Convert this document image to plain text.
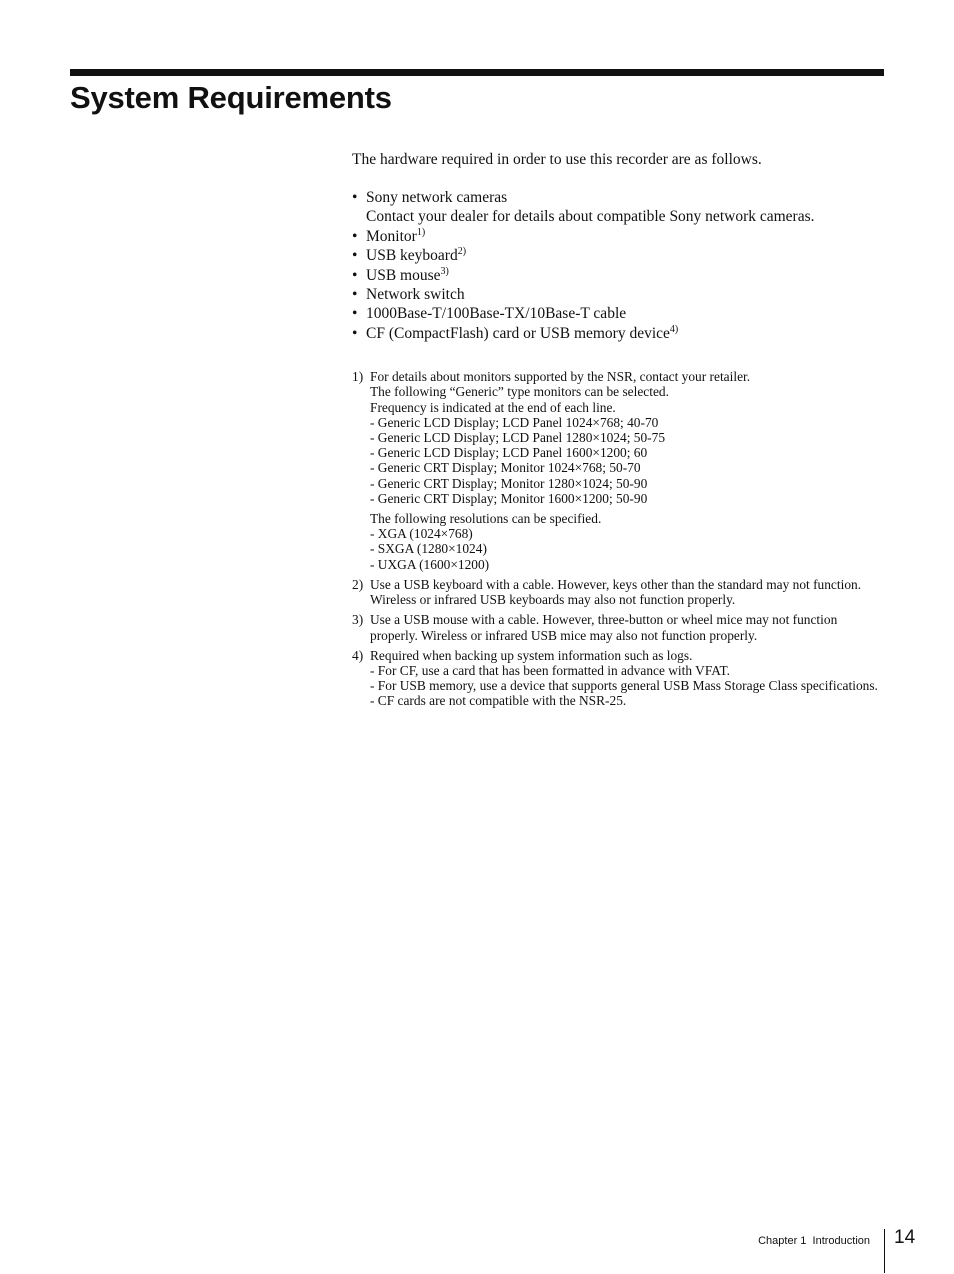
System Requirements

The hardware required in order to use this recorder are as follows.

• Sony network cameras
Contact your dealer for details about compatible Sony network cameras.
• Monitor$^{1)}$
• USB keyboard$^{2)}$
• USB mouse$^{3)}$
• Network switch
• 1000Base-T/100Base-TX/10Base-T cable
• CF (CompactFlash) card or USB memory device$^{4)}$
1) For details about monitors supported by the NSR, contact your retailer.
The following “Generic” type monitors can be selected.
Frequency is indicated at the end of each line.
- Generic LCD Display; LCD Panel 1024×768; 40-70
- Generic LCD Display; LCD Panel 1280×1024; 50-75
- Generic LCD Display; LCD Panel 1600×1200; 60
- Generic CRT Display; Monitor 1024×768; 50-70
- Generic CRT Display; Monitor 1280×1024; 50-90
- Generic CRT Display; Monitor 1600×1200; 50-90
The following resolutions can be specified.
- XGA (1024×768)
- SXGA (1280×1024)
- UXGA (1600×1200)
2) Use a USB keyboard with a cable. However, keys other than the standard may not function. Wireless or infrared USB keyboards may also not function properly.
3) Use a USB mouse with a cable. However, three-button or wheel mice may not function properly. Wireless or infrared USB mice may also not function properly.
4) Required when backing up system information such as logs.
- For CF, use a card that has been formatted in advance with VFAT.
- For USB memory, use a device that supports general USB Mass Storage Class specifications.
- CF cards are not compatible with the NSR-25.
Chapter 1  Introduction 14
